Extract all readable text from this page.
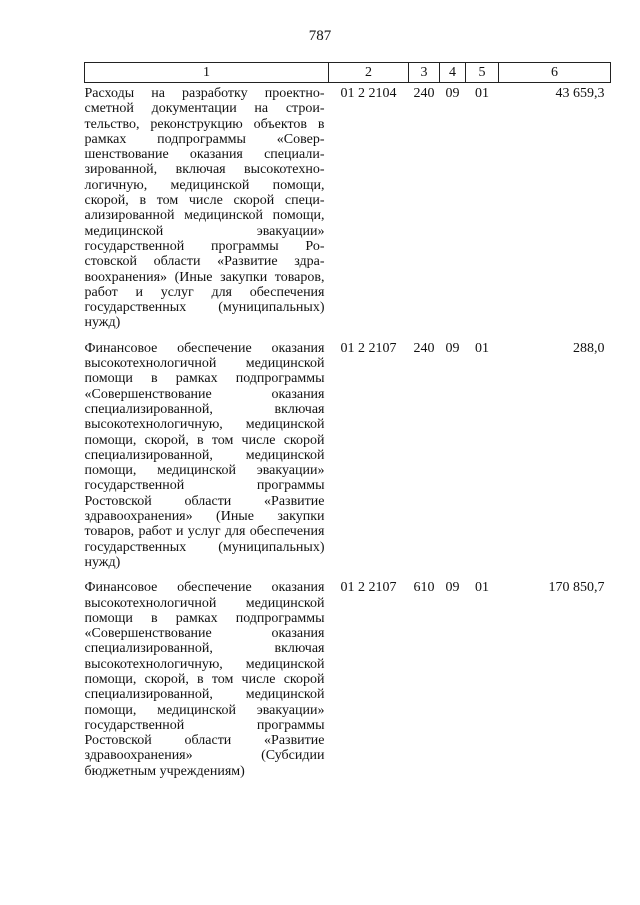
787
1	2	3	4	5	6
Расходы на разработку проектносметной документации на строительство, реконструкцию объектов в рамках подпрограммы «Совершенствование оказания специализированной, включая высокотехнологичную, медицинской помощи, скорой, в том числе скорой специализированной медицинской помощи, медицинской эвакуации» государственной программы Ростовской области «Развитие здравоохранения» (Иные закупки товаров, работ и услуг для обеспечения государственных (муниципальных) нужд)	01 2 2104	240	09	01	43 659,3
Финансовое обеспечение оказания высокотехнологичной медицинской помощи в рамках подпрограммы «Совершенствование оказания специализированной, включая высокотехнологичную, медицинской помощи, скорой, в том числе скорой специализированной, медицинской помощи, медицинской эвакуации» государственной программы Ростовской области «Развитие здравоохранения» (Иные закупки товаров, работ и услуг для обеспечения государственных (муниципальных) нужд)	01 2 2107	240	09	01	288,0
Финансовое обеспечение оказания высокотехнологичной медицинской помощи в рамках подпрограммы «Совершенствование оказания специализированной, включая высокотехнологичную, медицинской помощи, скорой, в том числе скорой специализированной, медицинской помощи, медицинской эвакуации» государственной программы Ростовской области «Развитие здравоохранения» (Субсидии бюджетным учреждениям)	01 2 2107	610	09	01	170 850,7
